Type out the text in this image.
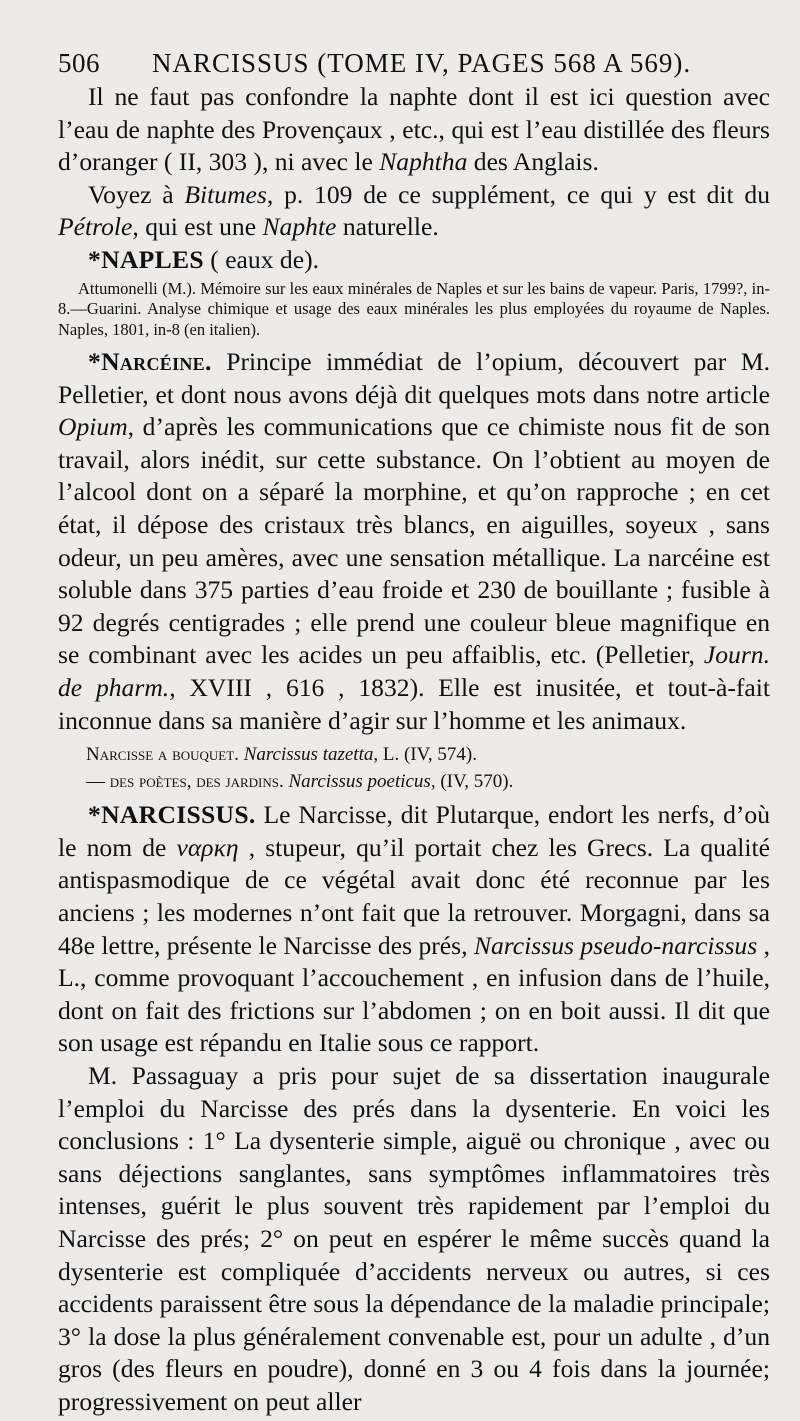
506 NARCISSUS (TOME IV, PAGES 568 A 569).

Il ne faut pas confondre la naphte dont il est ici question avec l’eau de naphte des Provençaux , etc., qui est l’eau distillée des fleurs d’oranger ( II, 303 ), ni avec le Naphtha des Anglais.

Voyez à Bitumes, p. 109 de ce supplément, ce qui y est dit du Pétrole, qui est une Naphte naturelle.

*NAPLES ( eaux de).

Attumonelli (M.). Mémoire sur les eaux minérales de Naples et sur les bains de vapeur. Paris, 1799?, in-8.—Guarini. Analyse chimique et usage des eaux minérales les plus employées du royaume de Naples. Naples, 1801, in-8 (en italien).

*Narcéine. Principe immédiat de l’opium, découvert par M. Pelletier, et dont nous avons déjà dit quelques mots dans notre article Opium, d’après les communications que ce chimiste nous fit de son travail, alors inédit, sur cette substance. On l’obtient au moyen de l’alcool dont on a séparé la morphine, et qu’on rapproche ; en cet état, il dépose des cristaux très blancs, en aiguilles, soyeux , sans odeur, un peu amères, avec une sensation métallique. La narcéine est soluble dans 375 parties d’eau froide et 230 de bouillante ; fusible à 92 degrés centigrades ; elle prend une couleur bleue magnifique en se combinant avec les acides un peu affaiblis, etc. (Pelletier, Journ. de pharm., XVIII , 616 , 1832). Elle est inusitée, et tout-à-fait inconnue dans sa manière d’agir sur l’homme et les animaux.

Narcisse a bouquet. Narcissus tazetta, L. (IV, 574).

— des poètes, des jardins. Narcissus poeticus, (IV, 570).

*NARCISSUS. Le Narcisse, dit Plutarque, endort les nerfs, d’où le nom de ναρκη , stupeur, qu’il portait chez les Grecs. La qualité antispasmodique de ce végétal avait donc été reconnue par les anciens ; les modernes n’ont fait que la retrouver. Morgagni, dans sa 48e lettre, présente le Narcisse des prés, Narcissus pseudo-narcissus , L., comme provoquant l’accouchement , en infusion dans de l’huile, dont on fait des frictions sur l’abdomen ; on en boit aussi. Il dit que son usage est répandu en Italie sous ce rapport.

M. Passaguay a pris pour sujet de sa dissertation inaugurale l’emploi du Narcisse des prés dans la dysenterie. En voici les conclusions : 1° La dysenterie simple, aiguë ou chronique , avec ou sans déjections sanglantes, sans symptômes inflammatoires très intenses, guérit le plus souvent très rapidement par l’emploi du Narcisse des prés; 2° on peut en espérer le même succès quand la dysenterie est compliquée d’accidents nerveux ou autres, si ces accidents paraissent être sous la dépendance de la maladie principale; 3° la dose la plus généralement convenable est, pour un adulte , d’un gros (des fleurs en poudre), donné en 3 ou 4 fois dans la journée; progressivement on peut aller
